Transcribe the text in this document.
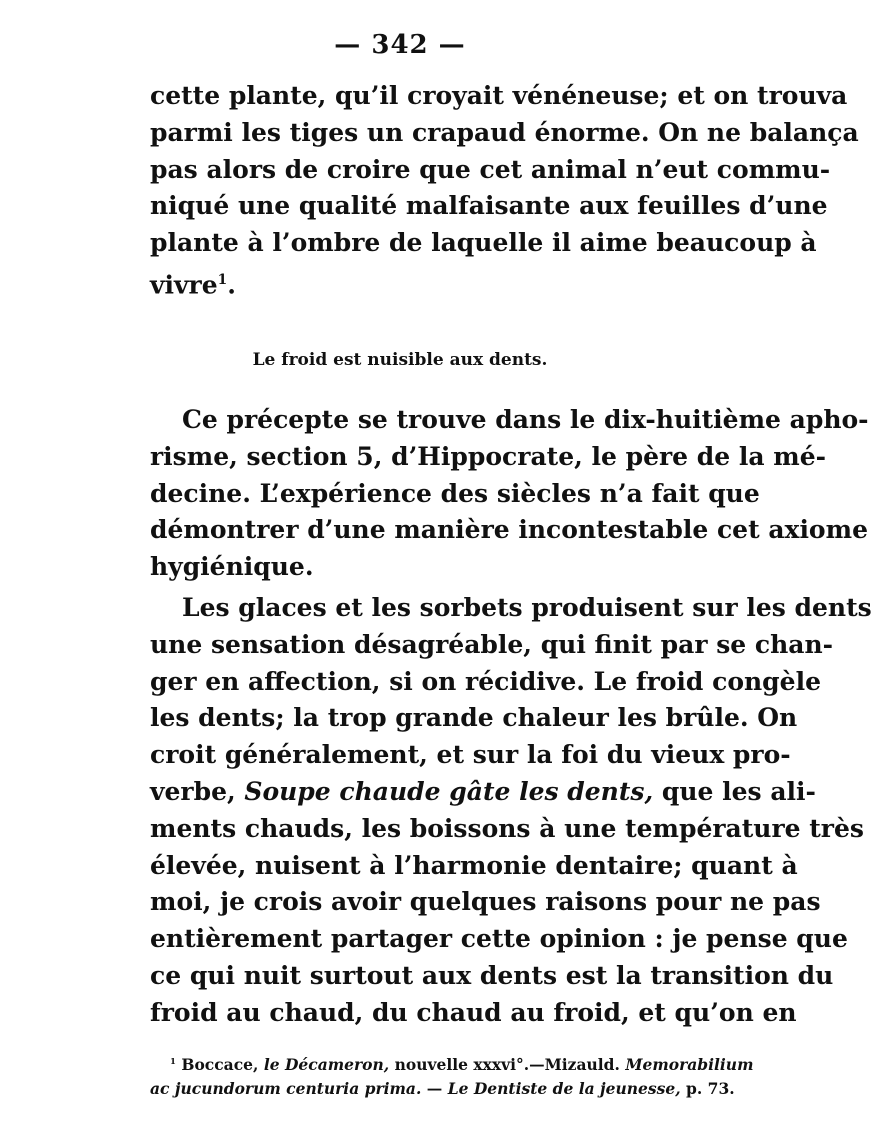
— 342 —
cette plante, qu’il croyait vénéneuse; et on trouva
parmi les tiges un crapaud énorme. On ne balança
pas alors de croire que cet animal n’eut commu-
niqué une qualité malfaisante aux feuilles d’une
plante à l’ombre de laquelle il aime beaucoup à
vivre$^1$.
Le froid est nuisible aux dents.
Ce précepte se trouve dans le dix-huitième apho-
risme, section 5, d’Hippocrate, le père de la mé-
decine. L’expérience des siècles n’a fait que
démontrer d’une manière incontestable cet axiome
hygiénique.
Les glaces et les sorbets produisent sur les dents
une sensation désagréable, qui finit par se chan-
ger en affection, si on récidive. Le froid congèle
les dents; la trop grande chaleur les brûle. On
croit généralement, et sur la foi du vieux pro-
verbe, Soupe chaude gâte les dents, que les ali-
ments chauds, les boissons à une température très
élevée, nuisent à l’harmonie dentaire; quant à
moi, je crois avoir quelques raisons pour ne pas
entièrement partager cette opinion : je pense que
ce qui nuit surtout aux dents est la transition du
froid au chaud, du chaud au froid, et qu’on en
$^1$ Boccace, le Décameron, nouvelle xxxvi°.—Mizauld. Memorabilium
ac jucundorum centuria prima. — Le Dentiste de la jeunesse, p. 73.
